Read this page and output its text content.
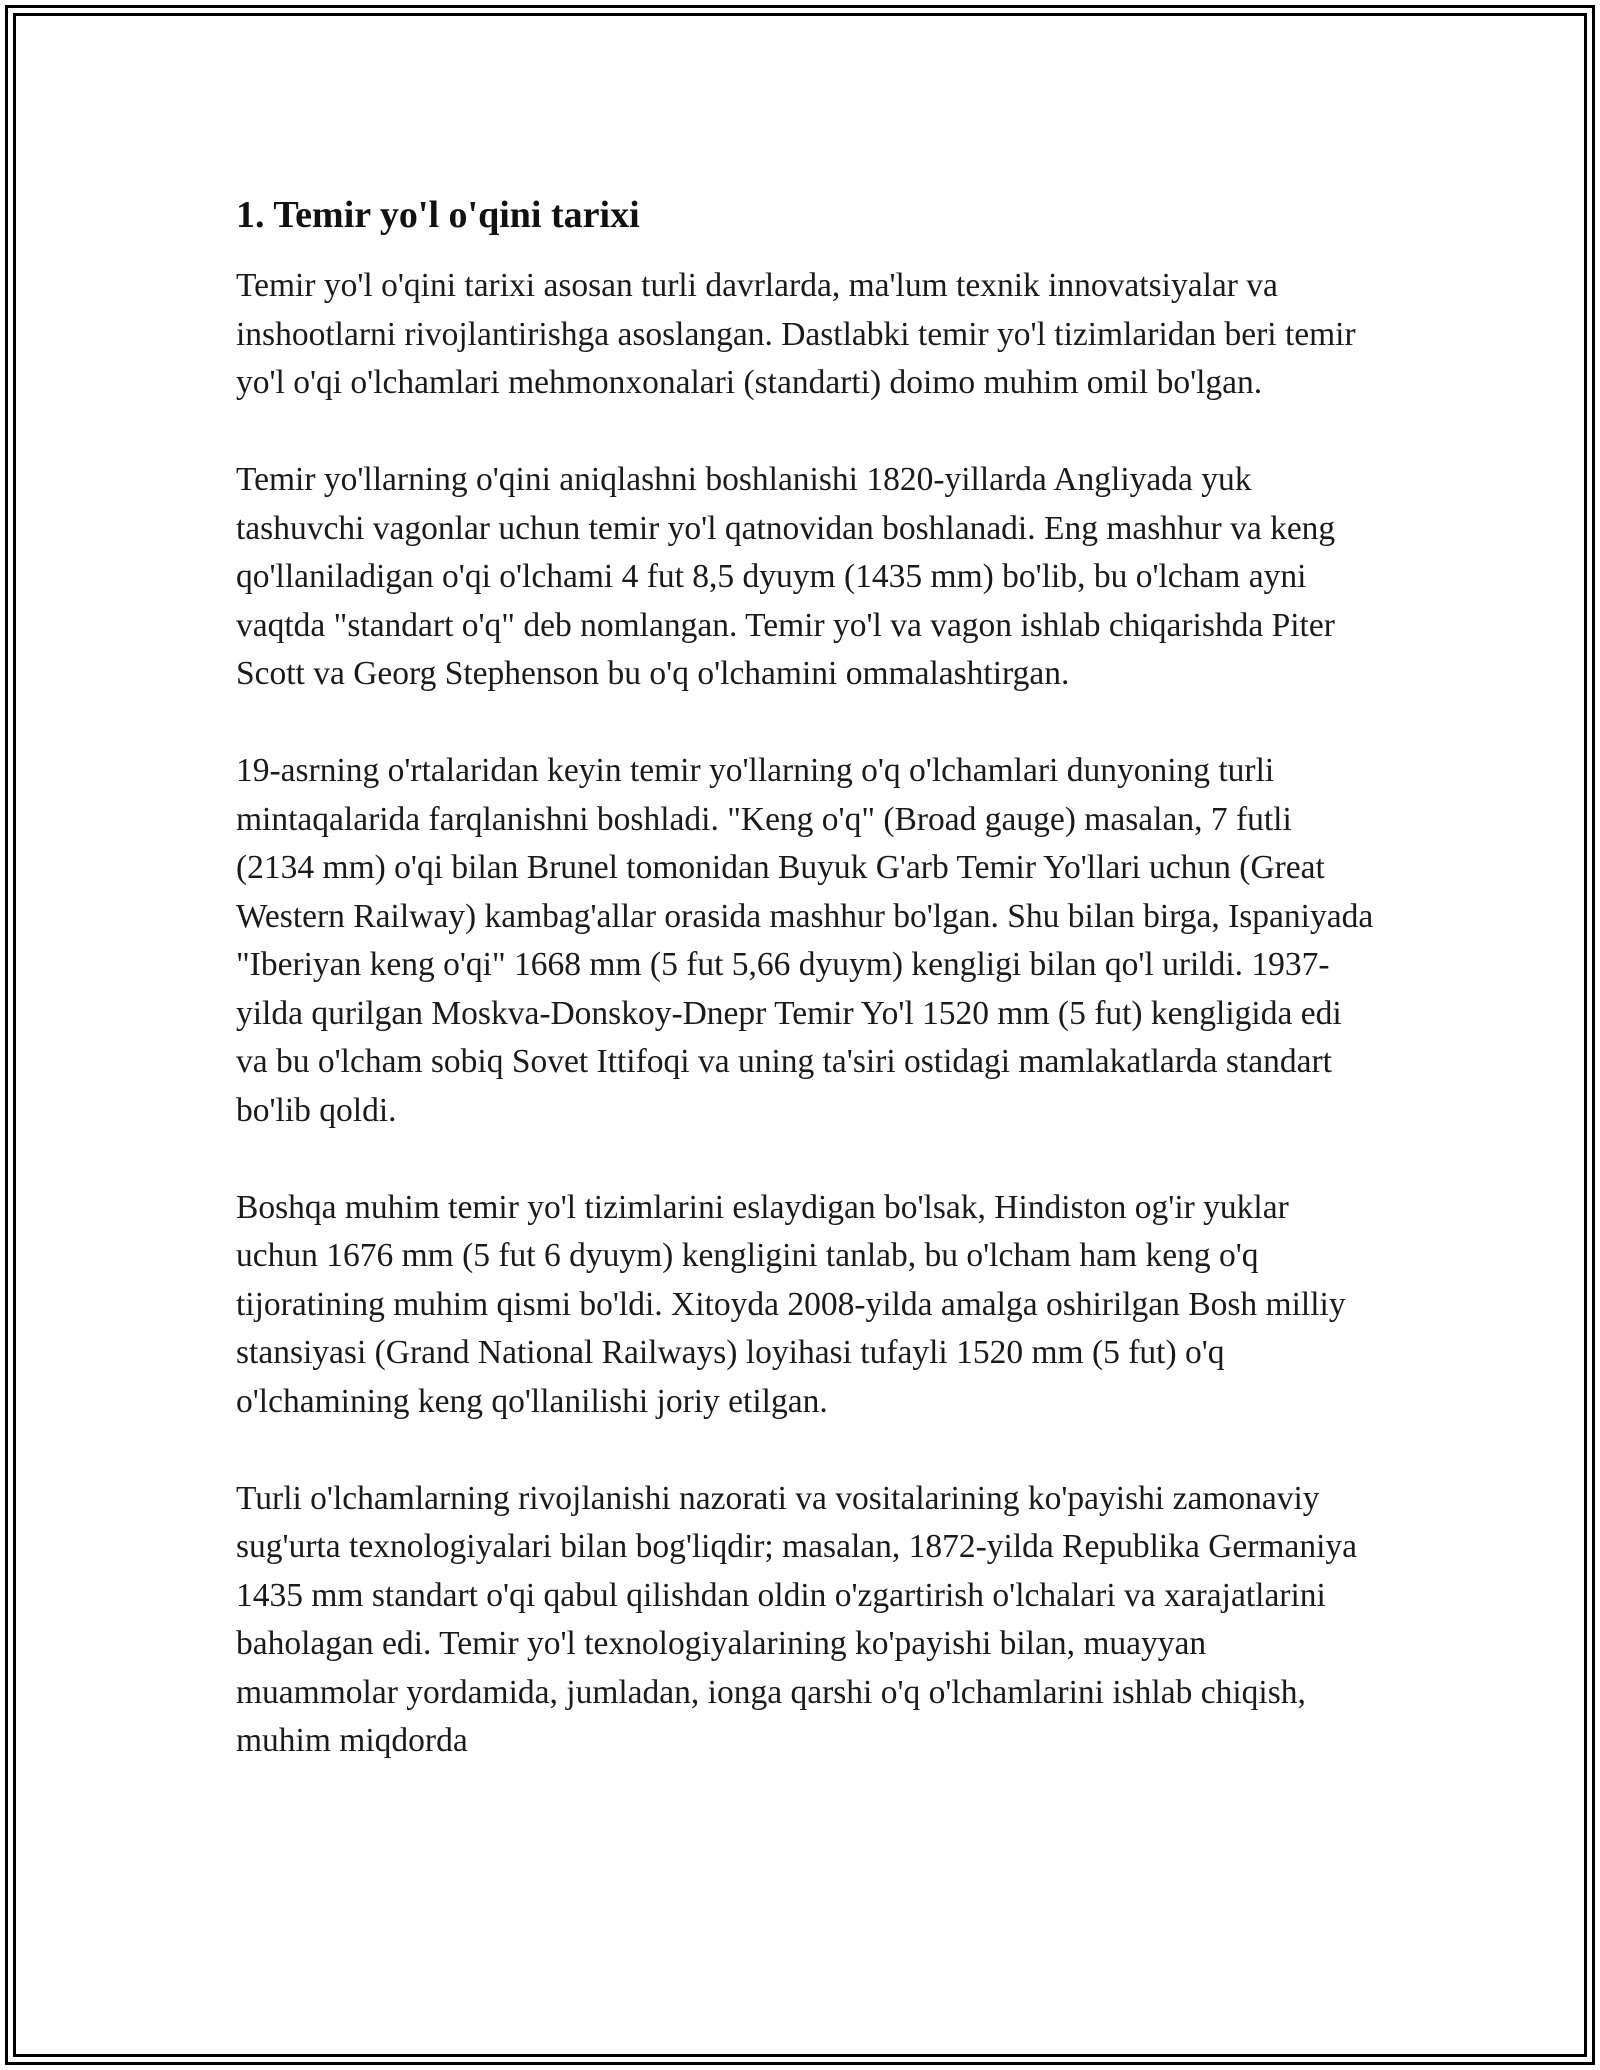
1. Temir yo'l o'qini tarixi

Temir yo'l o'qini tarixi asosan turli davrlarda, ma'lum texnik innovatsiyalar va inshootlarni rivojlantirishga asoslangan. Dastlabki temir yo'l tizimlaridan beri temir yo'l o'qi o'lchamlari mehmonxonalari (standarti) doimo muhim omil bo'lgan.

Temir yo'llarning o'qini aniqlashni boshlanishi 1820-yillarda Angliyada yuk tashuvchi vagonlar uchun temir yo'l qatnovidan boshlanadi. Eng mashhur va keng qo'llaniladigan o'qi o'lchami 4 fut 8,5 dyuym (1435 mm) bo'lib, bu o'lcham ayni vaqtda "standart o'q" deb nomlangan. Temir yo'l va vagon ishlab chiqarishda Piter Scott va Georg Stephenson bu o'q o'lchamini ommalashtirgan.

19-asrning o'rtalaridan keyin temir yo'llarning o'q o'lchamlari dunyoning turli mintaqalarida farqlanishni boshladi. "Keng o'q" (Broad gauge) masalan, 7 futli (2134 mm) o'qi bilan Brunel tomonidan Buyuk G'arb Temir Yo'llari uchun (Great Western Railway) kambag'allar orasida mashhur bo'lgan. Shu bilan birga, Ispaniyada "Iberiyan keng o'qi" 1668 mm (5 fut 5,66 dyuym) kengligi bilan qo'l urildi. 1937-yilda qurilgan Moskva-Donskoy-Dnepr Temir Yo'l 1520 mm (5 fut) kengligida edi va bu o'lcham sobiq Sovet Ittifoqi va uning ta'siri ostidagi mamlakatlarda standart bo'lib qoldi.

Boshqa muhim temir yo'l tizimlarini eslaydigan bo'lsak, Hindiston og'ir yuklar uchun 1676 mm (5 fut 6 dyuym) kengligini tanlab, bu o'lcham ham keng o'q tijoratining muhim qismi bo'ldi. Xitoyda 2008-yilda amalga oshirilgan Bosh milliy stansiyasi (Grand National Railways) loyihasi tufayli 1520 mm (5 fut) o'q o'lchamining keng qo'llanilishi joriy etilgan.

Turli o'lchamlarning rivojlanishi nazorati va vositalarining ko'payishi zamonaviy sug'urta texnologiyalari bilan bog'liqdir; masalan, 1872-yilda Republika Germaniya 1435 mm standart o'qi qabul qilishdan oldin o'zgartirish o'lchalari va xarajatlarini baholagan edi. Temir yo'l texnologiyalarining ko'payishi bilan, muayyan muammolar yordamida, jumladan, ionga qarshi o'q o'lchamlarini ishlab chiqish, muhim miqdorda
